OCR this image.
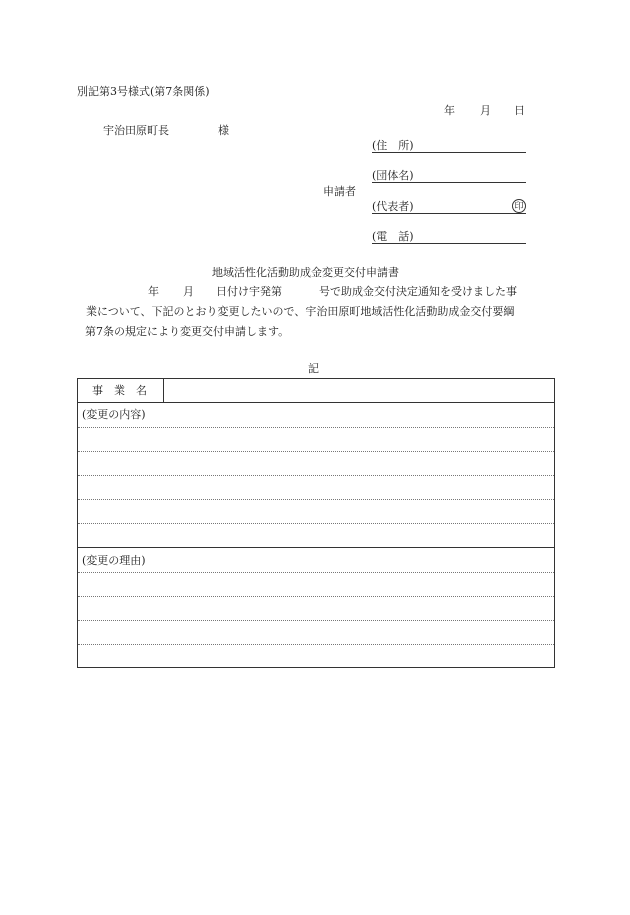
別記第3号様式(第7条関係)
年 月 日
宇治田原町長	様
(住　所)
(団体名)
申請者
(代表者)	印
(電　話)
地域活性化活動助成金変更交付申請書
年 月 日付け宇発第	号で助成金交付決定通知を受けました事
業について、下記のとおり変更したいので、宇治田原町地域活性化活動助成金交付要綱
第7条の規定により変更交付申請します。
記
事　業　名
(変更の内容)
(変更の理由)
